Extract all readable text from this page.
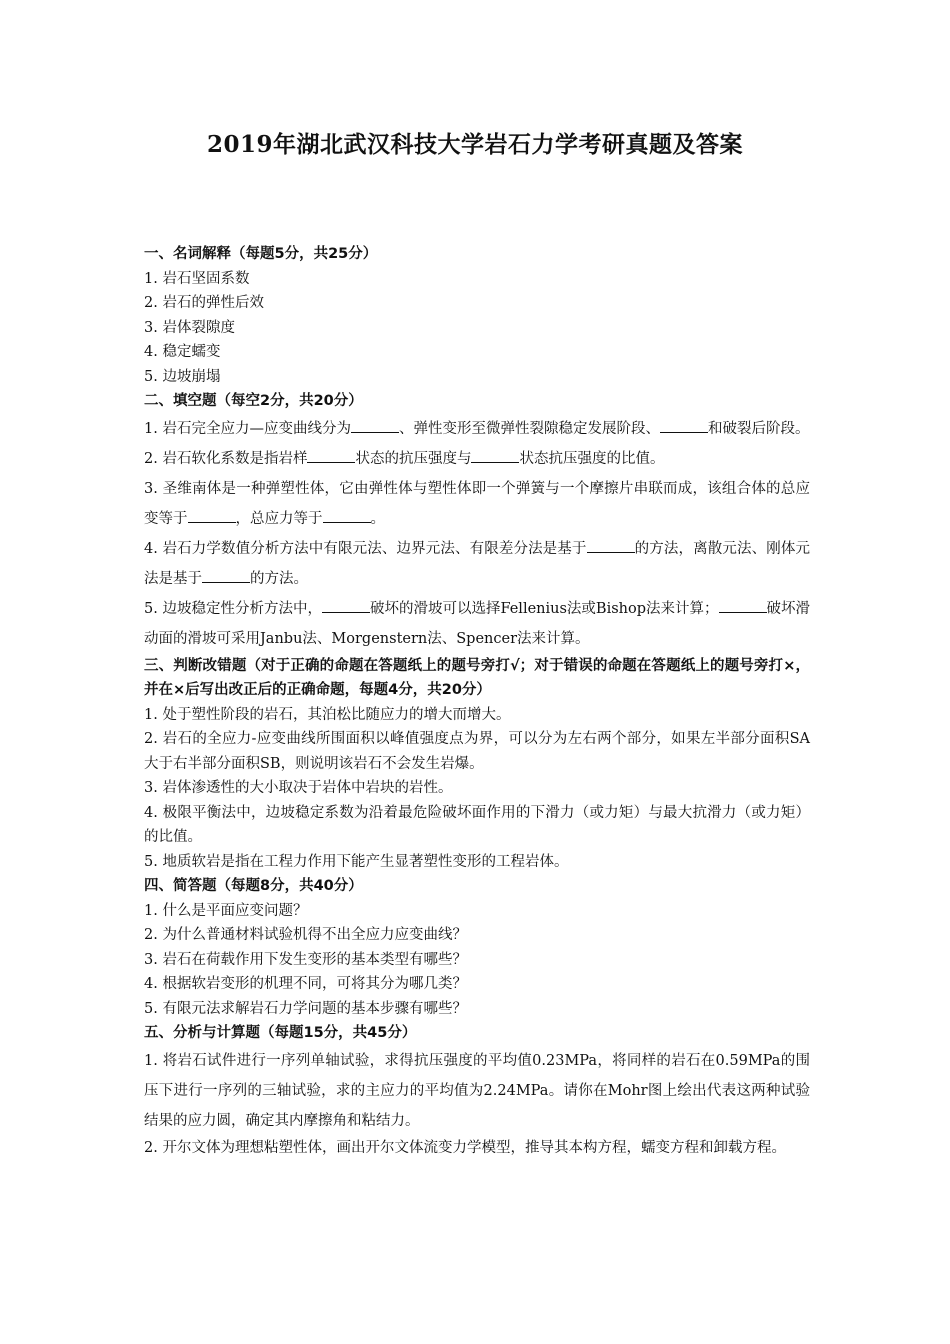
2019年湖北武汉科技大学岩石力学考研真题及答案
一、名词解释（每题5分，共25分）
1. 岩石坚固系数
2. 岩石的弹性后效
3. 岩体裂隙度
4. 稳定蠕变
5. 边坡崩塌
二、填空题（每空2分，共20分）
1. 岩石完全应力—应变曲线分为	、弹性变形至微弹性裂隙稳定发展阶段、	和破裂后阶段。
2. 岩石软化系数是指岩样	状态的抗压强度与	状态抗压强度的比值。
3. 圣维南体是一种弹塑性体，它由弹性体与塑性体即一个弹簧与一个摩擦片串联而成，该组合体的总应变等于	，总应力等于	。
4. 岩石力学数值分析方法中有限元法、边界元法、有限差分法是基于	的方法，离散元法、刚体元法是基于	的方法。
5. 边坡稳定性分析方法中，	破坏的滑坡可以选择Fellenius法或Bishop法来计算；	破坏滑动面的滑坡可采用Janbu法、Morgenstern法、Spencer法来计算。
三、判断改错题（对于正确的命题在答题纸上的题号旁打√；对于错误的命题在答题纸上的题号旁打×，并在×后写出改正后的正确命题，每题4分，共20分）
1. 处于塑性阶段的岩石，其泊松比随应力的增大而增大。
2. 岩石的全应力-应变曲线所围面积以峰值强度点为界，可以分为左右两个部分，如果左半部分面积SA大于右半部分面积SB，则说明该岩石不会发生岩爆。
3. 岩体渗透性的大小取决于岩体中岩块的岩性。
4. 极限平衡法中，边坡稳定系数为沿着最危险破坏面作用的下滑力（或力矩）与最大抗滑力（或力矩）的比值。
5. 地质软岩是指在工程力作用下能产生显著塑性变形的工程岩体。
四、简答题（每题8分，共40分）
1. 什么是平面应变问题？
2. 为什么普通材料试验机得不出全应力应变曲线？
3. 岩石在荷载作用下发生变形的基本类型有哪些？
4. 根据软岩变形的机理不同，可将其分为哪几类？
5. 有限元法求解岩石力学问题的基本步骤有哪些？
五、分析与计算题（每题15分，共45分）
1. 将岩石试件进行一序列单轴试验，求得抗压强度的平均值0.23MPa，将同样的岩石在0.59MPa的围压下进行一序列的三轴试验，求的主应力的平均值为2.24MPa。请你在Mohr图上绘出代表这两种试验结果的应力圆，确定其内摩擦角和粘结力。
2. 开尔文体为理想粘塑性体，画出开尔文体流变力学模型，推导其本构方程，蠕变方程和卸载方程。
